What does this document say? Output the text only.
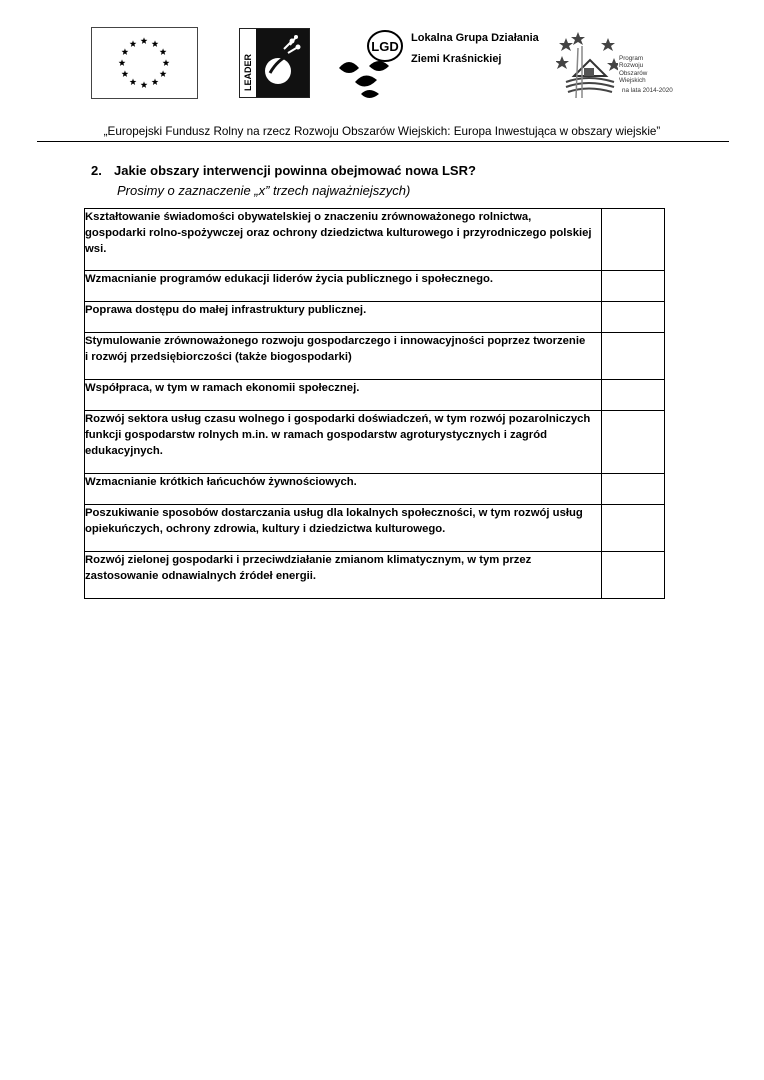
LEADER
LGD
Lokalna Grupa Działania
Ziemi Kraśnickiej	Program
Rozwoju
Obszarów
Wiejskich
na lata 2014-2020
„Europejski Fundusz Rolny na rzecz Rozwoju Obszarów Wiejskich: Europa Inwestująca w obszary wiejskie”
2. Jakie obszary interwencji powinna obejmować nowa LSR?
Prosimy o zaznaczenie „x” trzech najważniejszych)
Kształtowanie świadomości obywatelskiej o znaczeniu zrównoważonego rolnictwa,
gospodarki rolno-spożywczej oraz ochrony dziedzictwa kulturowego i przyrodniczego polskiej
wsi.	

Wzmacnianie programów edukacji liderów życia publicznego i społecznego.	

Poprawa dostępu do małej infrastruktury publicznej.	

Stymulowanie zrównoważonego rozwoju gospodarczego i innowacyjności poprzez tworzenie
i rozwój przedsiębiorczości (także biogospodarki)	

Współpraca, w tym w ramach ekonomii społecznej.	

Rozwój sektora usług czasu wolnego i gospodarki doświadczeń, w tym rozwój pozarolniczych
funkcji gospodarstw rolnych m.in. w ramach gospodarstw agroturystycznych i zagród
edukacyjnych.	

Wzmacnianie krótkich łańcuchów żywnościowych.	

Poszukiwanie sposobów dostarczania usług dla lokalnych społeczności, w tym rozwój usług
opiekuńczych, ochrony zdrowia, kultury i dziedzictwa kulturowego.	

Rozwój zielonej gospodarki i przeciwdziałanie zmianom klimatycznym, w tym przez
zastosowanie odnawialnych źródeł energii.	
